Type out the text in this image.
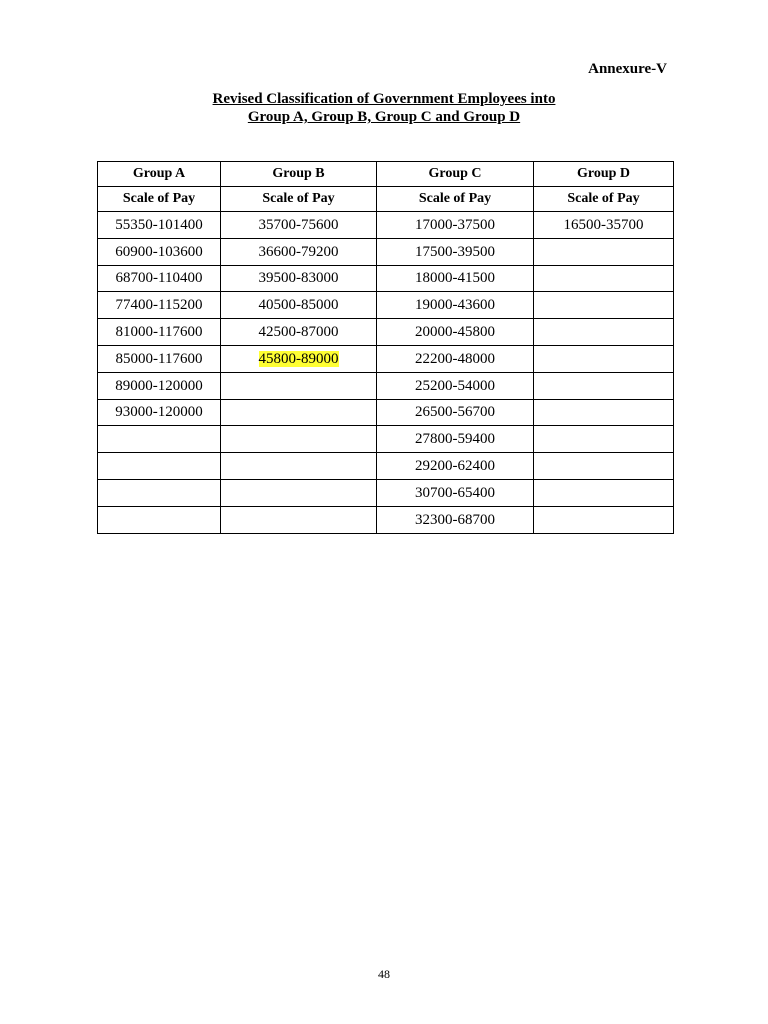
Annexure-V
Revised Classification of Government Employees into
Group A, Group B, Group C and Group D
Group A	Group B	Group C	Group D
Scale of Pay	Scale of Pay	Scale of Pay	Scale of Pay
55350-101400	35700-75600	17000-37500	16500-35700
60900-103600	36600-79200	17500-39500	
68700-110400	39500-83000	18000-41500	
77400-115200	40500-85000	19000-43600	
81000-117600	42500-87000	20000-45800	
85000-117600	45800-89000	22200-48000	
89000-120000		25200-54000	
93000-120000		26500-56700	
		27800-59400	
		29200-62400	
		30700-65400	
		32300-68700	
48
